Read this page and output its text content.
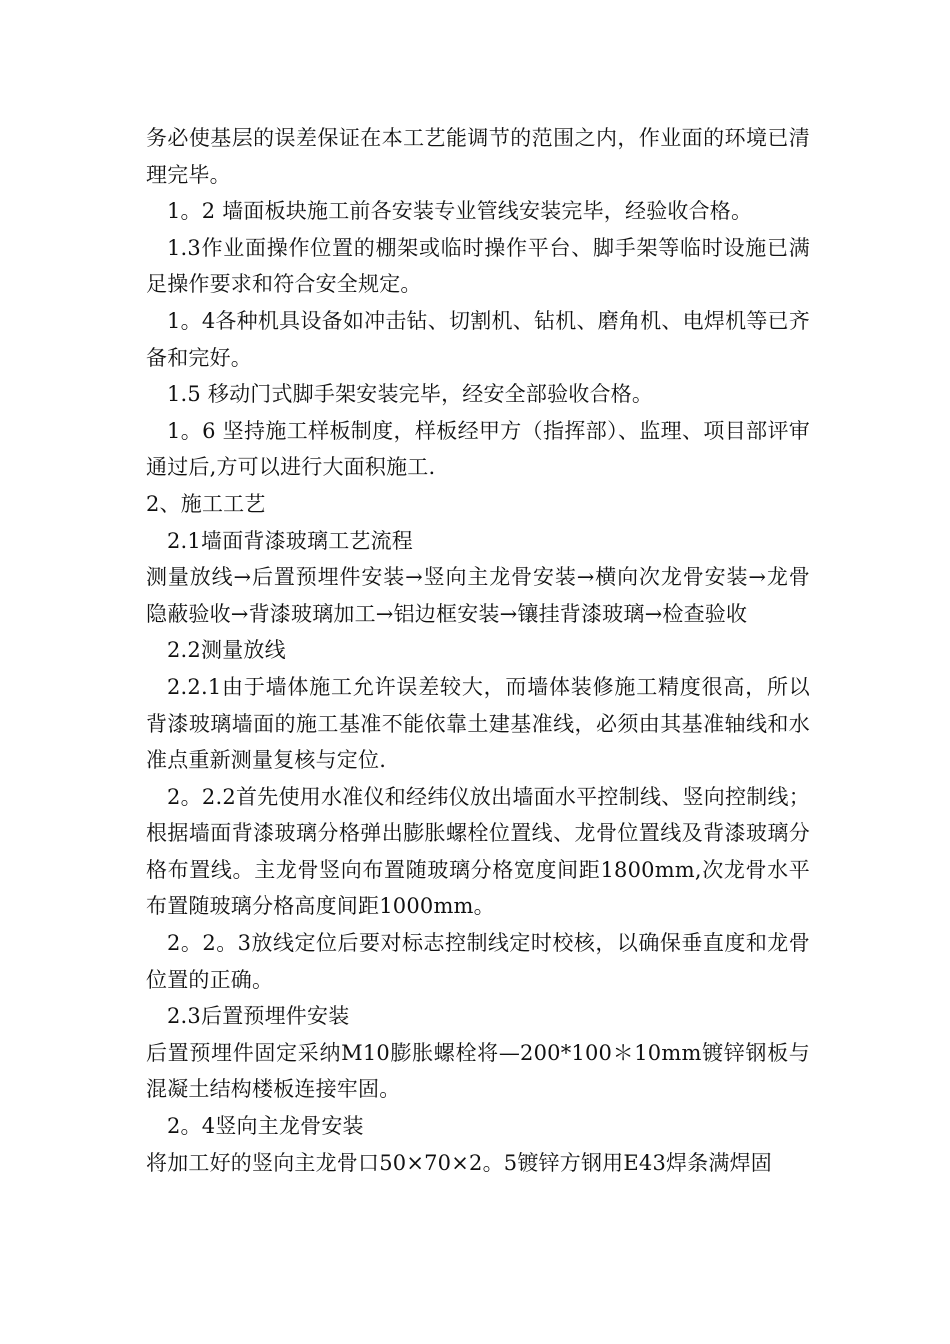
务必使基层的误差保证在本工艺能调节的范围之内，作业面的环境已清理完毕。

1。2 墙面板块施工前各安装专业管线安装完毕，经验收合格。

1.3作业面操作位置的棚架或临时操作平台、脚手架等临时设施已满足操作要求和符合安全规定。

1。4各种机具设备如冲击钻、切割机、钻机、磨角机、电焊机等已齐备和完好。

1.5 移动门式脚手架安装完毕，经安全部验收合格。

1。6 坚持施工样板制度，样板经甲方（指挥部）、监理、项目部评审通过后,方可以进行大面积施工.

2、施工工艺

2.1墙面背漆玻璃工艺流程

测量放线→后置预埋件安装→竖向主龙骨安装→横向次龙骨安装→龙骨隐蔽验收→背漆玻璃加工→铝边框安装→镶挂背漆玻璃→检查验收

2.2测量放线

2.2.1由于墙体施工允许误差较大，而墙体装修施工精度很高，所以背漆玻璃墙面的施工基准不能依靠土建基准线，必须由其基准轴线和水准点重新测量复核与定位.

2。2.2首先使用水准仪和经纬仪放出墙面水平控制线、竖向控制线；根据墙面背漆玻璃分格弹出膨胀螺栓位置线、龙骨位置线及背漆玻璃分格布置线。主龙骨竖向布置随玻璃分格宽度间距1800mm,次龙骨水平布置随玻璃分格高度间距1000mm。

2。2。3放线定位后要对标志控制线定时校核，以确保垂直度和龙骨位置的正确。

2.3后置预埋件安装

后置预埋件固定采纳M10膨胀螺栓将—200*100＊10mm镀锌钢板与混凝土结构楼板连接牢固。

2。4竖向主龙骨安装

将加工好的竖向主龙骨口50×70×2。5镀锌方钢用E43焊条满焊固
